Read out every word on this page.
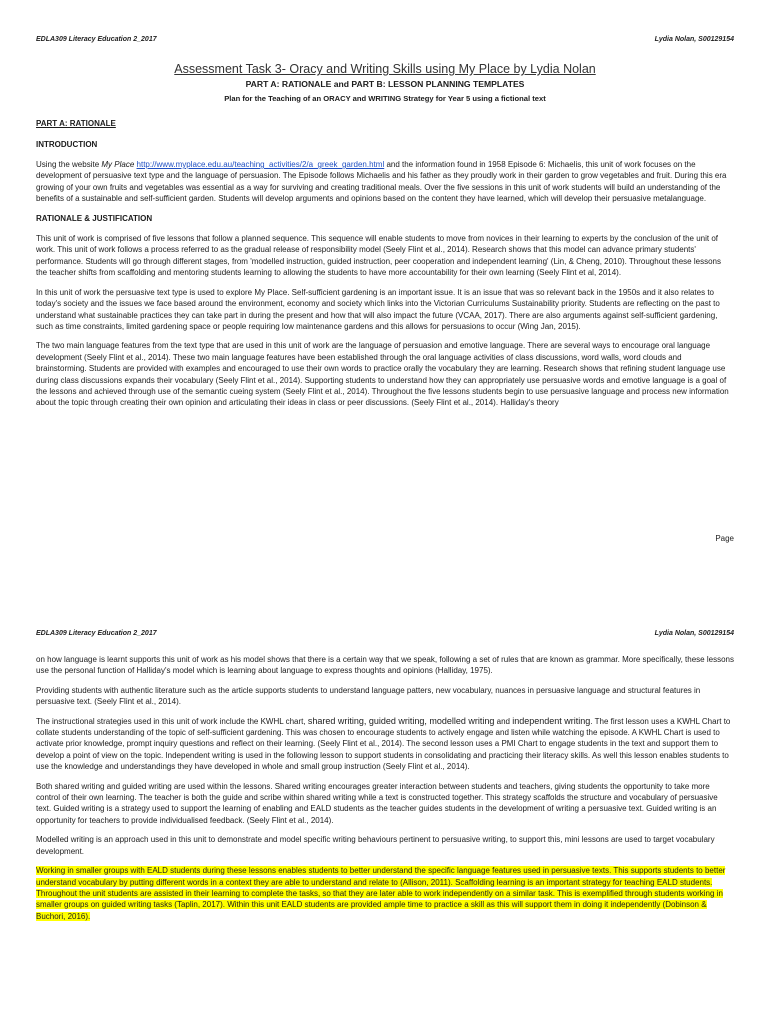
EDLA309 Literacy Education 2_2017	Lydia Nolan, S00129154
Assessment Task 3- Oracy and Writing Skills using My Place by Lydia Nolan
PART A: RATIONALE and PART B: LESSON PLANNING TEMPLATES
Plan for the Teaching of an ORACY and WRITING Strategy for Year 5 using a fictional text
PART A: RATIONALE
INTRODUCTION

Using the website My Place http://www.myplace.edu.au/teaching_activities/2/a_greek_garden.html and the information found in 1958 Episode 6: Michaelis, this unit of work focuses on the development of persuasive text type and the language of persuasion. The Episode follows Michaelis and his father as they proudly work in their garden to grow vegetables and fruit. During this era growing of your own fruits and vegetables was essential as a way for surviving and creating traditional meals. Over the five sessions in this unit of work students will build an understanding of the benefits of a sustainable and self-sufficient garden. Students will develop arguments and opinions based on the content they have learned, which will develop their persuasive metalanguage.

RATIONALE & JUSTIFICATION

This unit of work is comprised of five lessons that follow a planned sequence. This sequence will enable students to move from novices in their learning to experts by the conclusion of the unit of work. This unit of work follows a process referred to as the gradual release of responsibility model (Seely Flint et al., 2014). Research shows that this model can advance primary students' performance. Students will go through different stages, from 'modelled instruction, guided instruction, peer cooperation and independent learning' (Lin, & Cheng, 2010). Throughout these lessons the teacher shifts from scaffolding and mentoring students learning to allowing the students to have more accountability for their own learning (Seely Flint et al, 2014).

In this unit of work the persuasive text type is used to explore My Place. Self-sufficient gardening is an important issue. It is an issue that was so relevant back in the 1950s and it also relates to today's society and the issues we face based around the environment, economy and society which links into the Victorian Curriculums Sustainability priority. Students are reflecting on the past to understand what sustainable practices they can take part in during the present and how that will also impact the future (VCAA, 2017). There are also arguments against self-sufficient gardening, such as time constraints, limited gardening space or people requiring low maintenance gardens and this allows for persuasions to occur (Wing Jan, 2015).

The two main language features from the text type that are used in this unit of work are the language of persuasion and emotive language. There are several ways to encourage oral language development (Seely Flint et al., 2014). These two main language features have been established through the oral language activities of class discussions, word walls, word clouds and brainstorming. Students are provided with examples and encouraged to use their own words to practice orally the vocabulary they are learning. Research shows that refining student language use during class discussions expands their vocabulary (Seely Flint et al., 2014). Supporting students to understand how they can appropriately use persuasive words and emotive language is a goal of the lessons and achieved through use of the semantic cueing system (Seely Flint et al., 2014). Throughout the five lessons students begin to use persuasive language and process new information about the topic through creating their own opinion and articulating their ideas in class or peer discussions. (Seely Flint et al., 2014). Halliday's theory

Page
EDLA309 Literacy Education 2_2017	Lydia Nolan, S00129154

on how language is learnt supports this unit of work as his model shows that there is a certain way that we speak, following a set of rules that are known as grammar. More specifically, these lessons use the personal function of Halliday's model which is learning about language to express thoughts and opinions (Halliday, 1975).

Providing students with authentic literature such as the article supports students to understand language patters, new vocabulary, nuances in persuasive language and structural features in persuasive text. (Seely Flint et al., 2014).

The instructional strategies used in this unit of work include the KWHL chart, shared writing, guided writing, modelled writing and independent writing. The first lesson uses a KWHL Chart to collate students understanding of the topic of self-sufficient gardening. This was chosen to encourage students to actively engage and listen while watching the episode. A KWHL Chart is used to activate prior knowledge, prompt inquiry questions and reflect on their learning. (Seely Flint et al., 2014). The second lesson uses a PMI Chart to engage students in the text and support them to develop a point of view on the topic. Independent writing is used in the following lesson to support students in consolidating and practicing their literacy skills. As well this lesson enables students to use the knowledge and understandings they have developed in whole and small group instruction (Seely Flint et al., 2014).

Both shared writing and guided writing are used within the lessons. Shared writing encourages greater interaction between students and teachers, giving students the opportunity to take more control of their own learning. The teacher is both the guide and scribe within shared writing while a text is constructed together. This strategy scaffolds the structure and vocabulary of persuasive text. Guided writing is a strategy used to support the learning of enabling and EALD students as the teacher guides students in the development of writing a persuasive text. Guided writing is an opportunity for teachers to provide individualised feedback. (Seely Flint et al., 2014).

Modelled writing is an approach used in this unit to demonstrate and model specific writing behaviours pertinent to persuasive writing, to support this, mini lessons are used to target vocabulary development.

Working in smaller groups with EALD students during these lessons enables students to better understand the specific language features used in persuasive texts. This supports students to better understand vocabulary by putting different words in a context they are able to understand and relate to (Allison, 2011). Scaffolding learning is an important strategy for teaching EALD students. Throughout the unit students are assisted in their learning to complete the tasks, so that they are later able to work independently on a similar task. This is exemplified through students working in smaller groups on guided writing tasks (Taplin, 2017). Within this unit EALD students are provided ample time to practice a skill as this will support them in doing it independently (Dobinson & Buchori, 2016).
